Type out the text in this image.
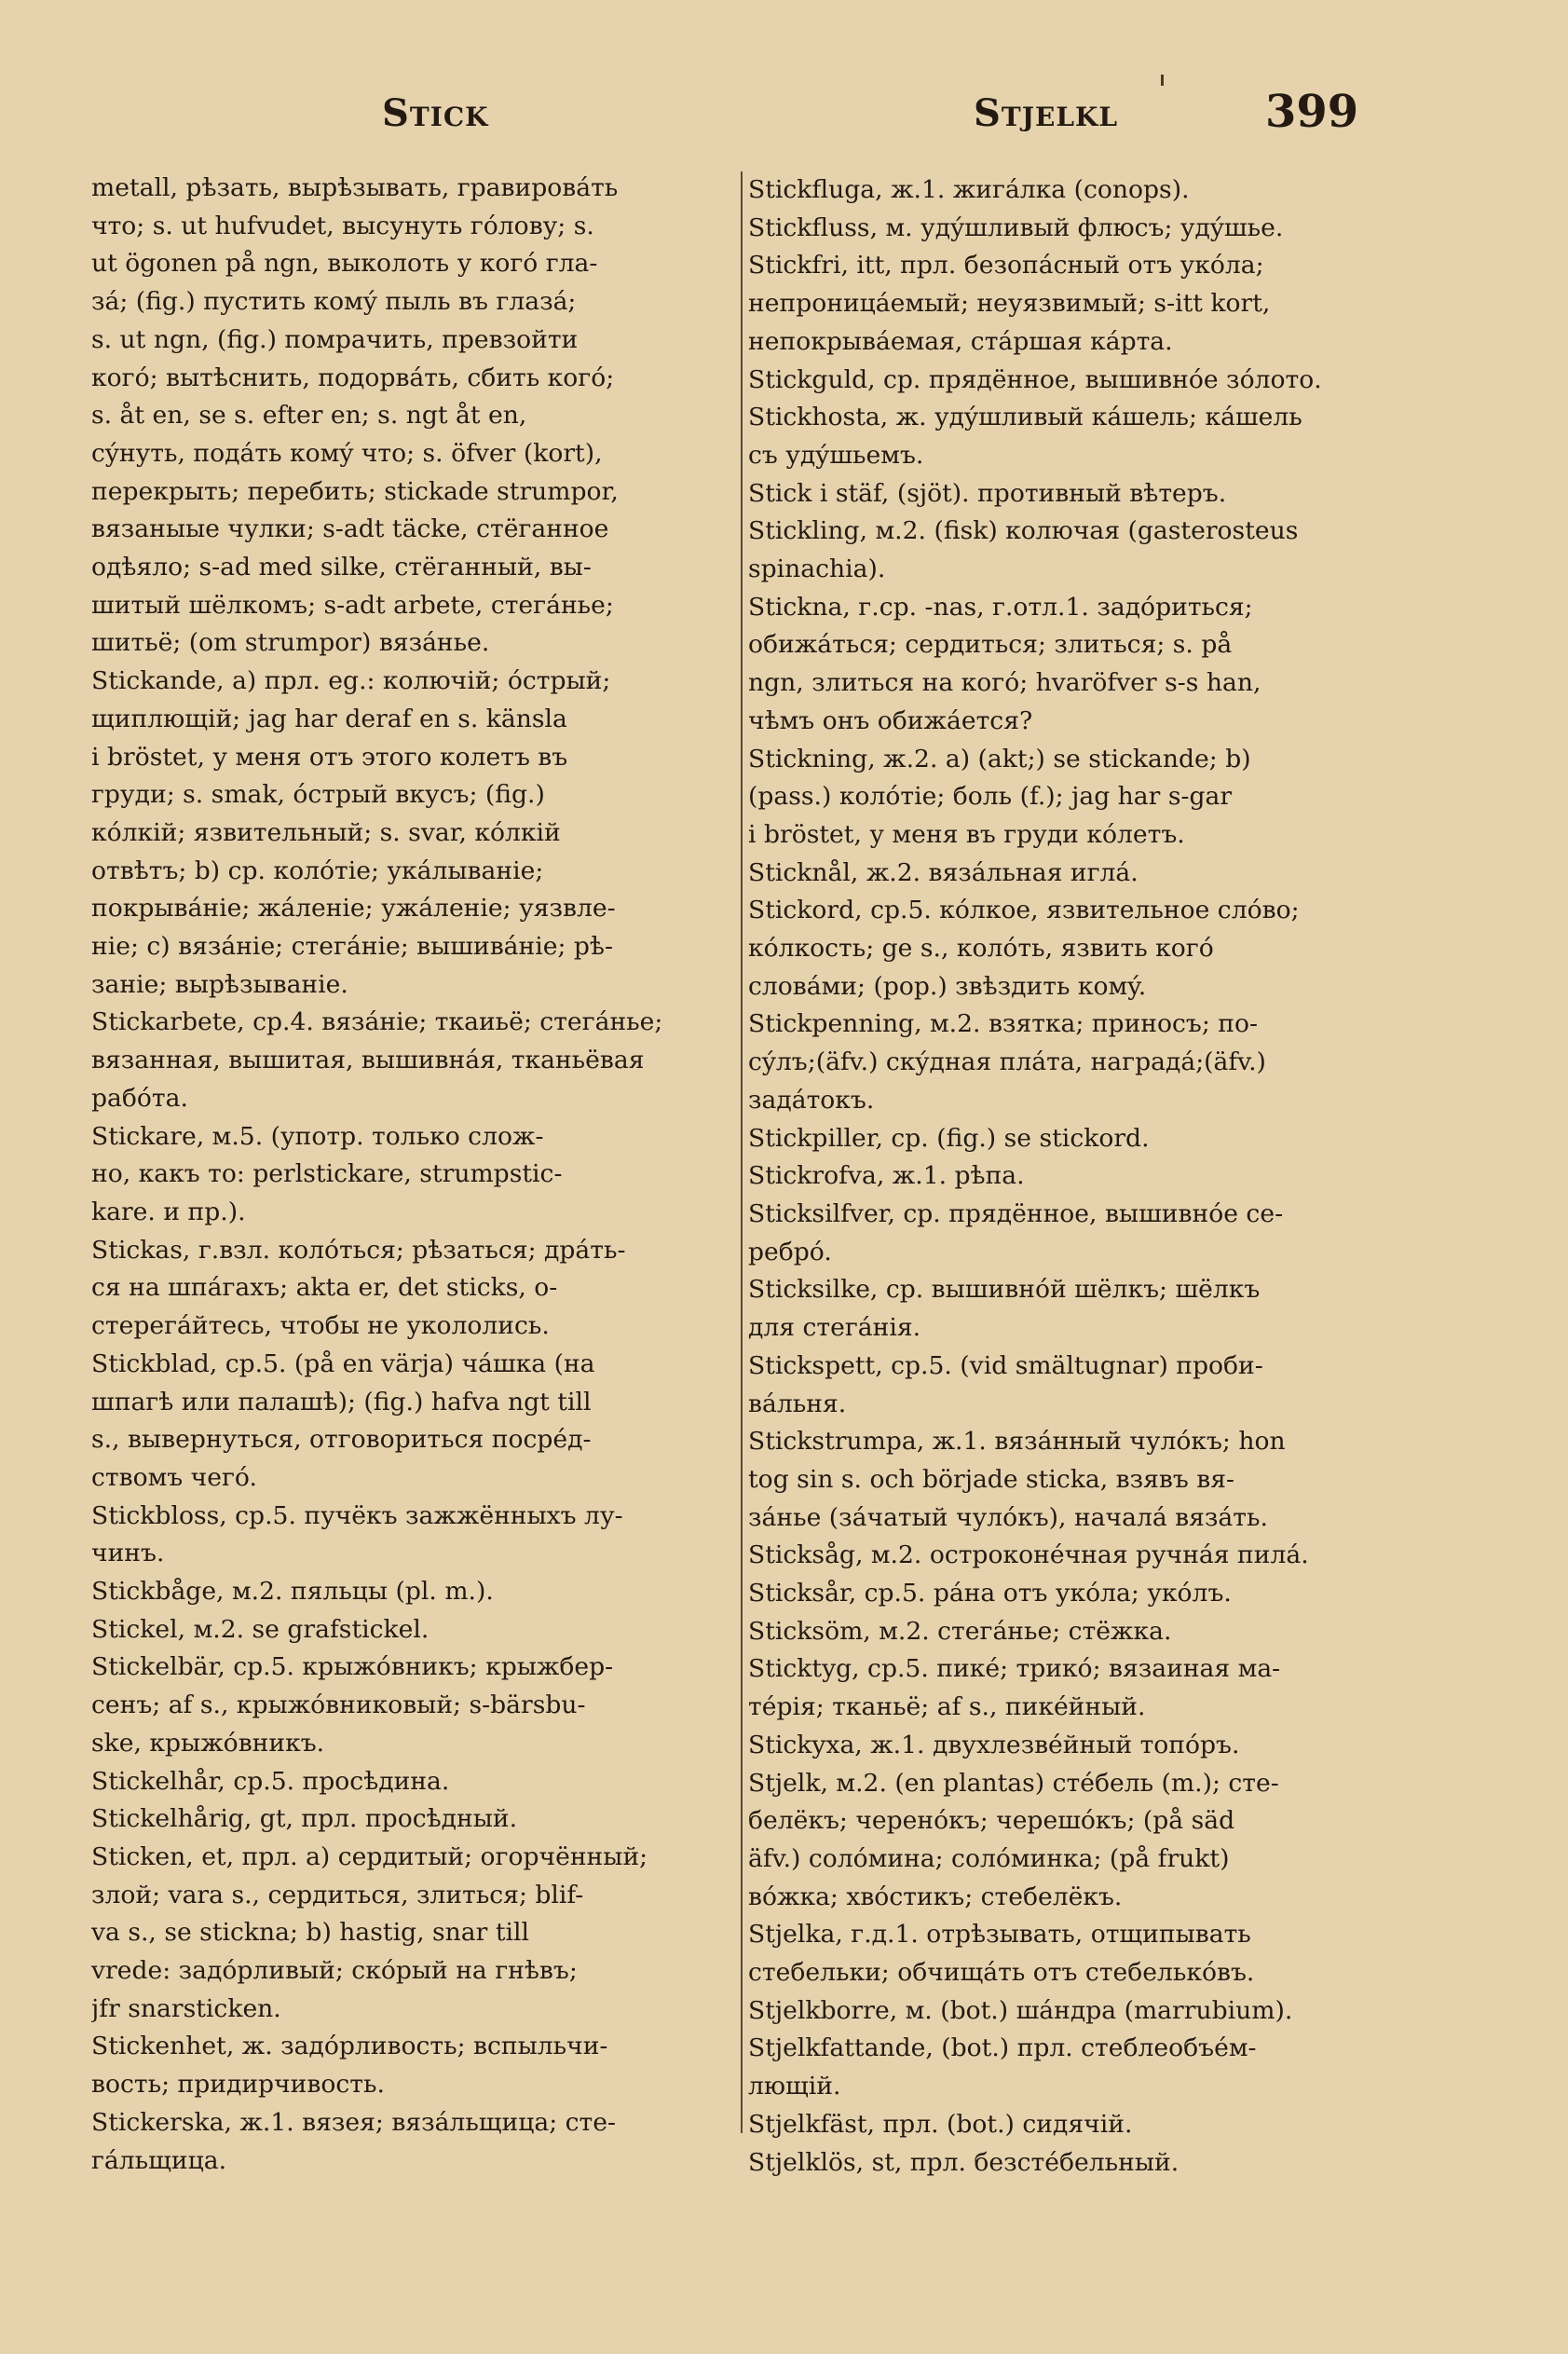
Stick	Stjelkl	399
metall, рѣзать, вырѣзывать, гравировáть
что; s. ut hufvudet, высунуть гóлову; s.
ut ögonen på ngn, выколоть у когó гла-
зá; (fig.) пустить комý пыль въ глазá;
s. ut ngn, (fig.) помрачить, превзойти
когó; вытѣснить, подорвáть, сбить когó;
s. åt en, se s. efter en; s. ngt åt en,
сýнуть, подáть комý что; s. öfver (kort),
перекрыть; перебить; stickade strumpor,
вязаныые чулки; s-adt täcke, стёганное
одѣяло; s-ad med silke, стёганный, вы-
шитый шёлкомъ; s-adt arbete, стегáнье;
шитьё; (om strumpor) вязáнье.
Stickande, a) прл. eg.: колючій; óстрый;
щиплющій; jag har deraf en s. känsla
i bröstet, у меня отъ этого колетъ въ
груди; s. smak, óстрый вкусъ; (fig.)
кóлкій; язвительный; s. svar, кóлкій
отвѣтъ; b) ср. колóтіе; укáлываніе;
покрывáніе; жáленіе; ужáленіе; уязвле-
ніе; c) вязáніе; стегáніе; вышивáніе; рѣ-
заніе; вырѣзываніе.
Stickarbete, ср.4. вязáніе; ткаиьё; стегáнье;
вязанная, вышитая, вышивнáя, тканьёвая
рабóта.
Stickare, м.5. (употр. только слож-
но, какъ то: perlstickare, strumpstic-
kare. и пр.).
Stickas, г.взл. колóться; рѣзаться; дрáть-
ся на шпáгахъ; akta er, det sticks, о-
стерегáйтесь, чтобы не укололись.
Stickblad, ср.5. (på en värja) чáшка (на
шпагѣ или палашѣ); (fig.) hafva ngt till
s., вывернуться, отговориться посрéд-
ствомъ чегó.
Stickbloss, ср.5. пучёкъ зажжённыхъ лу-
чинъ.
Stickbåge, м.2. пяльцы (pl. m.).
Stickel, м.2. se grafstickel.
Stickelbär, ср.5. крыжóвникъ; крыжбер-
сенъ; af s., крыжóвниковый; s-bärsbu-
ske, крыжóвникъ.
Stickelhår, ср.5. просѣдина.
Stickelhårig, gt, прл. просѣдный.
Sticken, et, прл. a) сердитый; огорчённый;
злой; vara s., сердиться, злиться; blif-
va s., se stickna; b) hastig, snar till
vrede: задóрливый; скóрый на гнѣвъ;
jfr snarsticken.
Stickenhet, ж. задóрливость; вспыльчи-
вость; придирчивость.
Stickerska, ж.1. вязея; вязáльщица; сте-
гáльщица.
Stickfluga, ж.1. жигáлка (conops).
Stickfluss, м. удýшливый флюсъ; удýшье.
Stickfri, itt, прл. безопáсный отъ укóла;
непроницáемый; неуязвимый; s-itt kort,
непокрывáемая, стáршая кáрта.
Stickguld, ср. прядённое, вышивнóе зóлото.
Stickhosta, ж. удýшливый кáшель; кáшель
съ удýшьемъ.
Stick i stäf, (sjöt). противный вѣтеръ.
Stickling, м.2. (fisk) колючая (gasterosteus
spinachia).
Stickna, г.ср. -nas, г.отл.1. задóриться;
обижáться; сердиться; злиться; s. på
ngn, злиться на когó; hvaröfver s-s han,
чѣмъ онъ обижáется?
Stickning, ж.2. a) (akt;) se stickande; b)
(pass.) колóтіе; боль (f.); jag har s-gar
i bröstet, у меня въ груди кóлетъ.
Sticknål, ж.2. вязáльная иглá.
Stickord, ср.5. кóлкое, язвительное слóво;
кóлкость; ge s., колóть, язвить когó
словáми; (pop.) звѣздить комý.
Stickpenning, м.2. взятка; приносъ; по-
сýлъ;(äfv.) скýдная плáта, наградá;(äfv.)
задáтокъ.
Stickpiller, ср. (fig.) se stickord.
Stickrofva, ж.1. рѣпа.
Sticksilfver, ср. прядённое, вышивнóе се-
ребрó.
Sticksilke, ср. вышивнóй шёлкъ; шёлкъ
для стегáнія.
Stickspett, ср.5. (vid smältugnar) проби-
вáльня.
Stickstrumpa, ж.1. вязáнный чулóкъ; hon
tog sin s. och började sticka, взявъ вя-
зáнье (зáчатый чулóкъ), началá вязáть.
Sticksåg, м.2. остроконéчная ручнáя пилá.
Sticksår, ср.5. рáна отъ укóла; укóлъ.
Sticksöm, м.2. стегáнье; стёжка.
Sticktyg, ср.5. пикé; трикó; вязаиная ма-
тéрія; тканьё; af s., пикéйный.
Stickyxa, ж.1. двухлезвéйный топóръ.
Stjelk, м.2. (en plantas) стéбель (m.); сте-
белёкъ; черенóкъ; черешóкъ; (på säd
äfv.) солóмина; солóминка; (på frukt)
вóжка; хвóстикъ; стебелёкъ.
Stjelka, г.д.1. отрѣзывать, отщипывать
стебельки; обчищáть отъ стебелькóвъ.
Stjelkborre, м. (bot.) шáндра (marrubium).
Stjelkfattande, (bot.) прл. стеблеобъéм-
лющій.
Stjelkfäst, прл. (bot.) сидячій.
Stjelklös, st, прл. безстéбельный.
